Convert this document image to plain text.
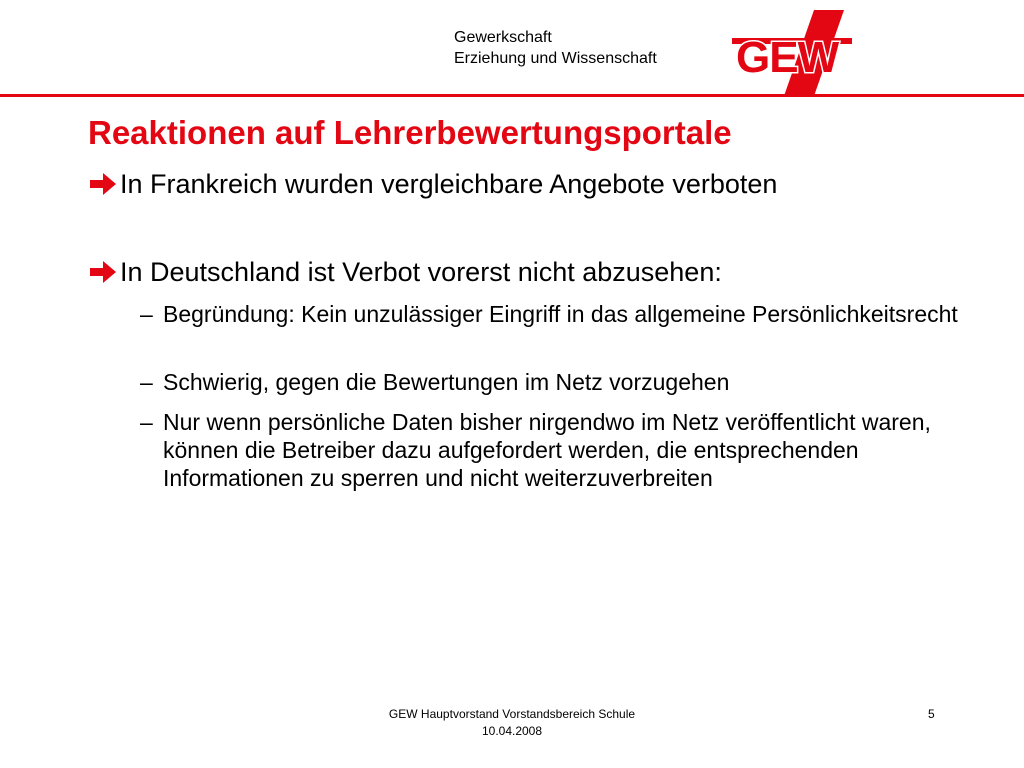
Gewerkschaft
Erziehung und Wissenschaft GEW
Reaktionen auf Lehrerbewertungsportale
In Frankreich wurden vergleichbare Angebote verboten
In Deutschland ist Verbot vorerst nicht abzusehen:
– Begründung: Kein unzulässiger Eingriff in das allgemeine Persönlichkeitsrecht
– Schwierig, gegen die Bewertungen im Netz vorzugehen
– Nur wenn persönliche Daten bisher nirgendwo im Netz veröffentlicht waren, können die Betreiber dazu aufgefordert werden, die entsprechenden Informationen zu sperren und nicht weiterzuverbreiten
GEW Hauptvorstand Vorstandsbereich Schule
10.04.2008
5
